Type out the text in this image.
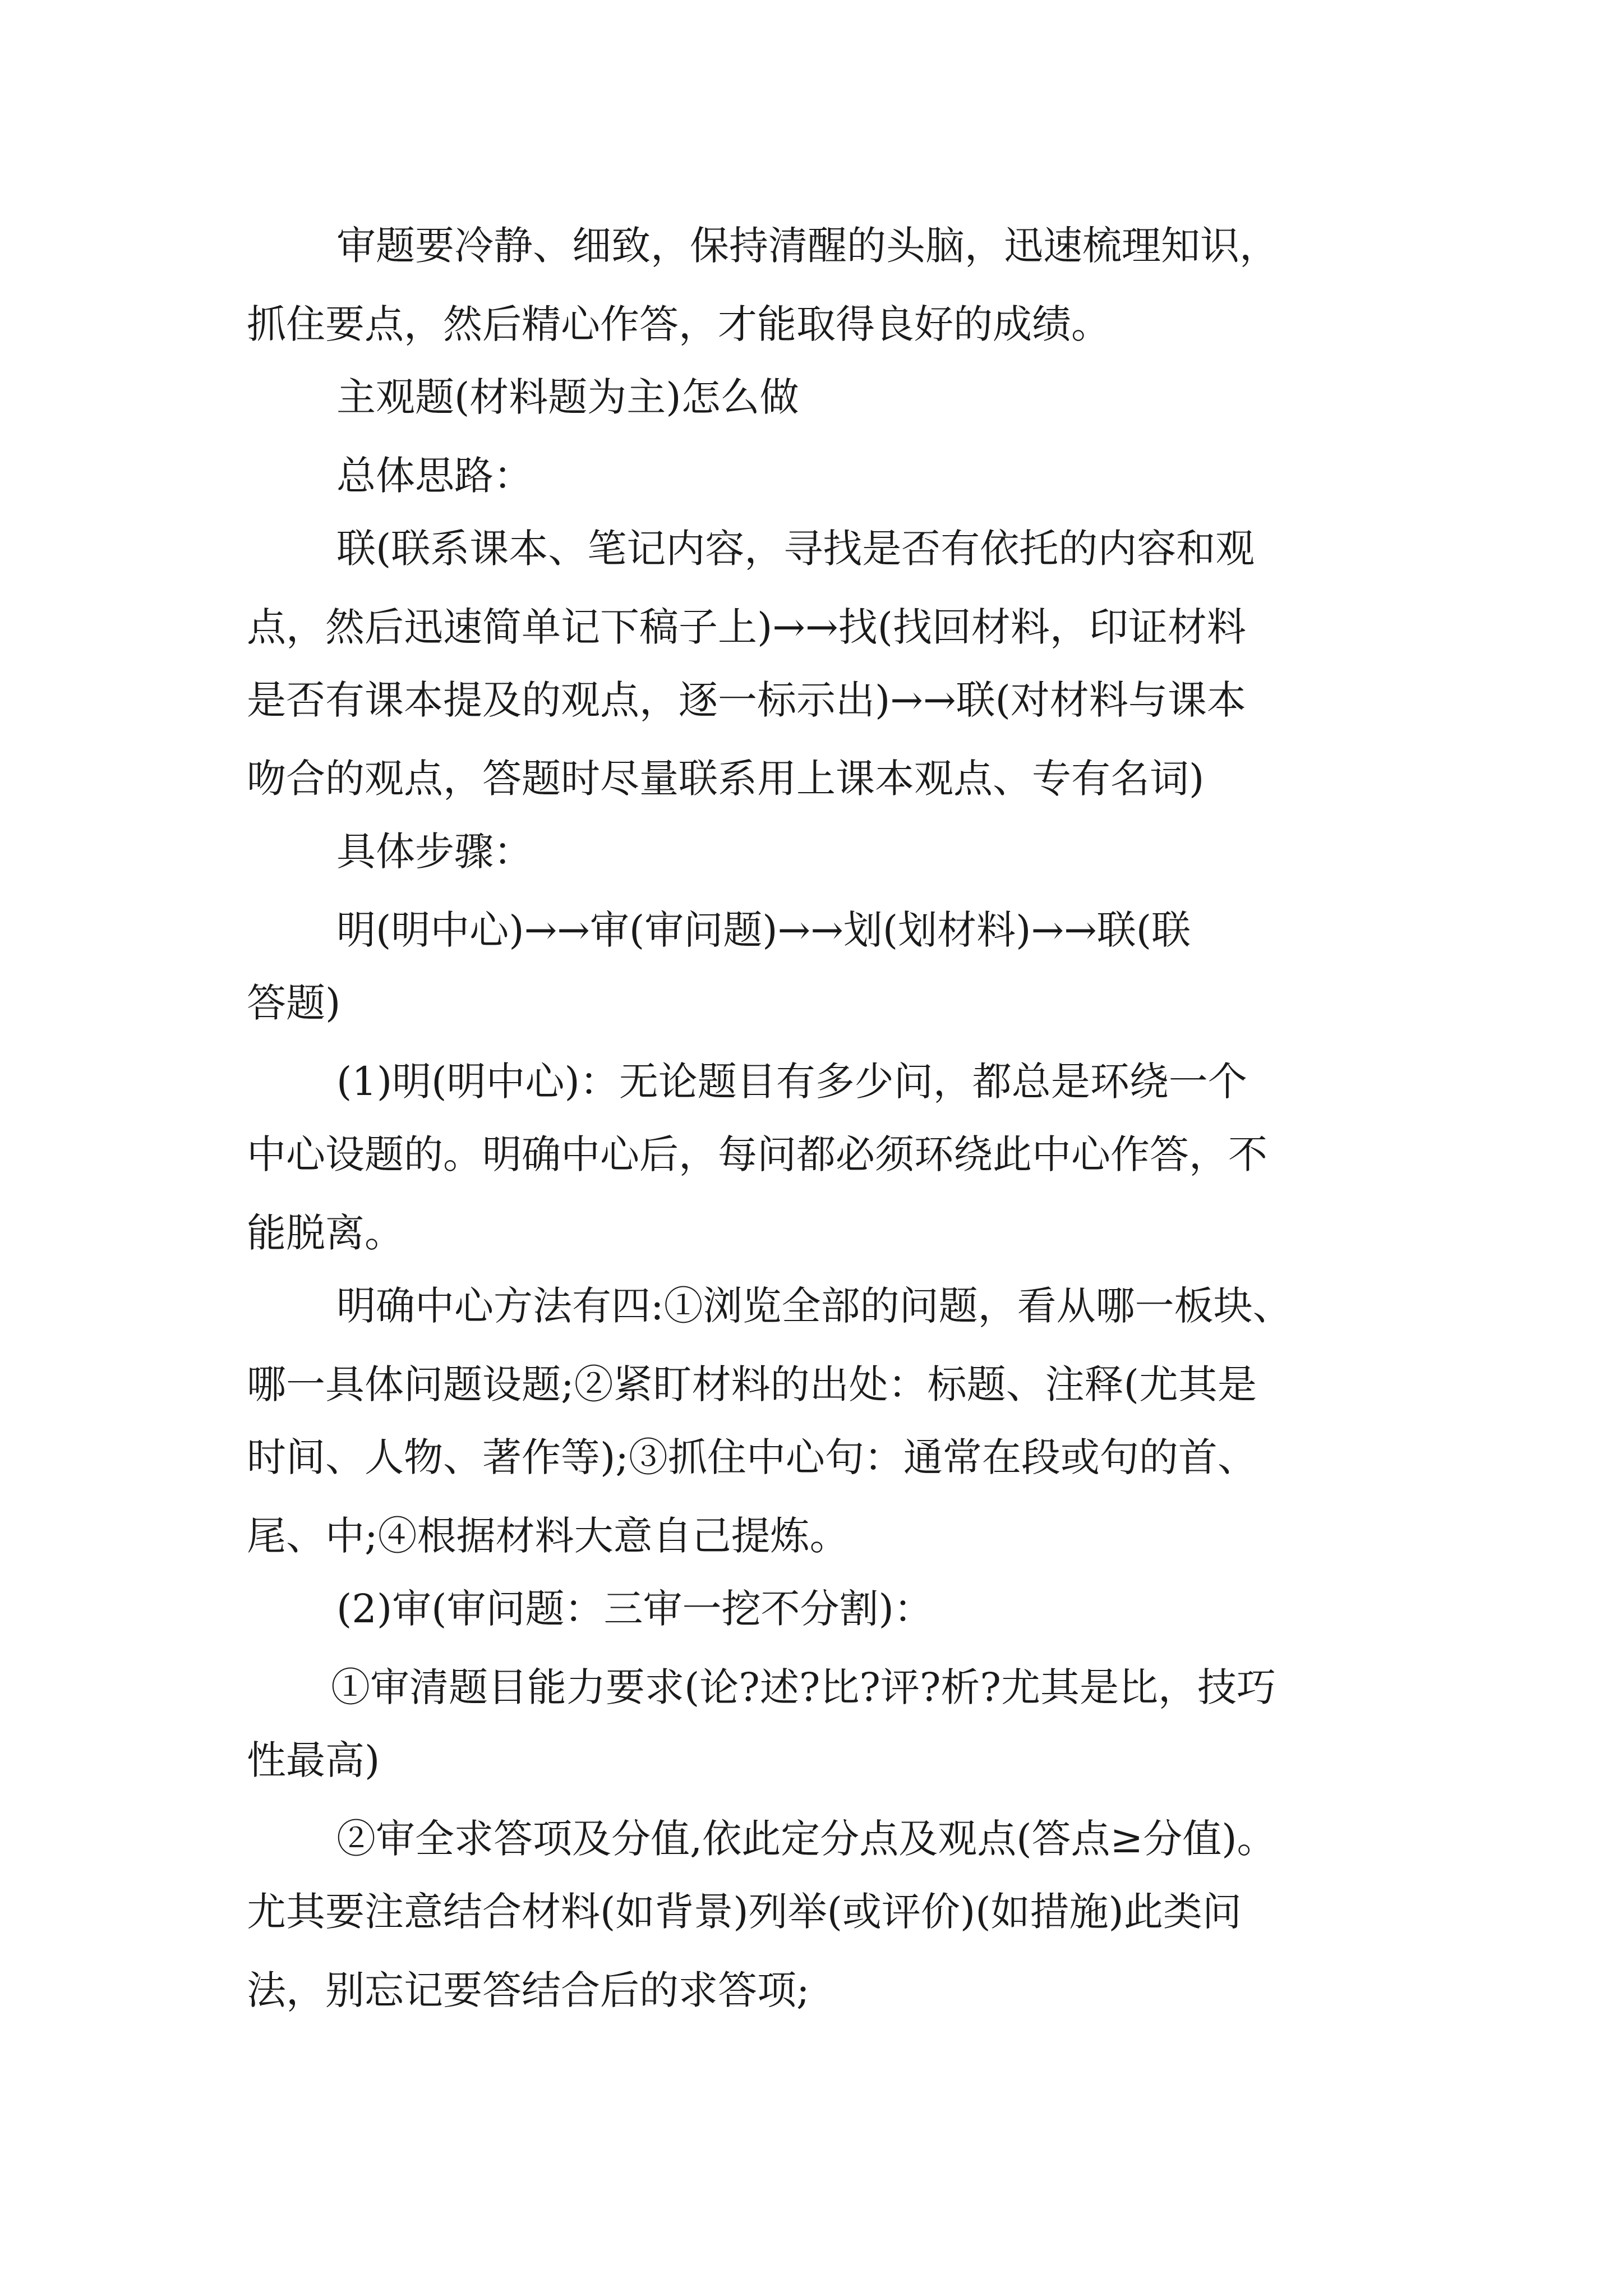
审题要冷静、细致，保持清醒的头脑，迅速梳理知识，

抓住要点，然后精心作答，才能取得良好的成绩。

主观题(材料题为主)怎么做

总体思路：

联(联系课本、笔记内容，寻找是否有依托的内容和观

点，然后迅速简单记下稿子上)→→找(找回材料，印证材料

是否有课本提及的观点，逐一标示出)→→联(对材料与课本

吻合的观点，答题时尽量联系用上课本观点、专有名词)

具体步骤：

明(明中心)→→审(审问题)→→划(划材料)→→联(联

答题)

(1)明(明中心)：无论题目有多少问，都总是环绕一个

中心设题的。明确中心后，每问都必须环绕此中心作答，不

能脱离。

明确中心方法有四:①浏览全部的问题，看从哪一板块、

哪一具体问题设题;②紧盯材料的出处：标题、注释(尤其是

时间、人物、著作等);③抓住中心句：通常在段或句的首、

尾、中;④根据材料大意自己提炼。

(2)审(审问题：三审一挖不分割)：

①审清题目能力要求(论?述?比?评?析?尤其是比，技巧

性最高)

②审全求答项及分值,依此定分点及观点(答点≥分值)。

尤其要注意结合材料(如背景)列举(或评价)(如措施)此类问

法，别忘记要答结合后的求答项;
